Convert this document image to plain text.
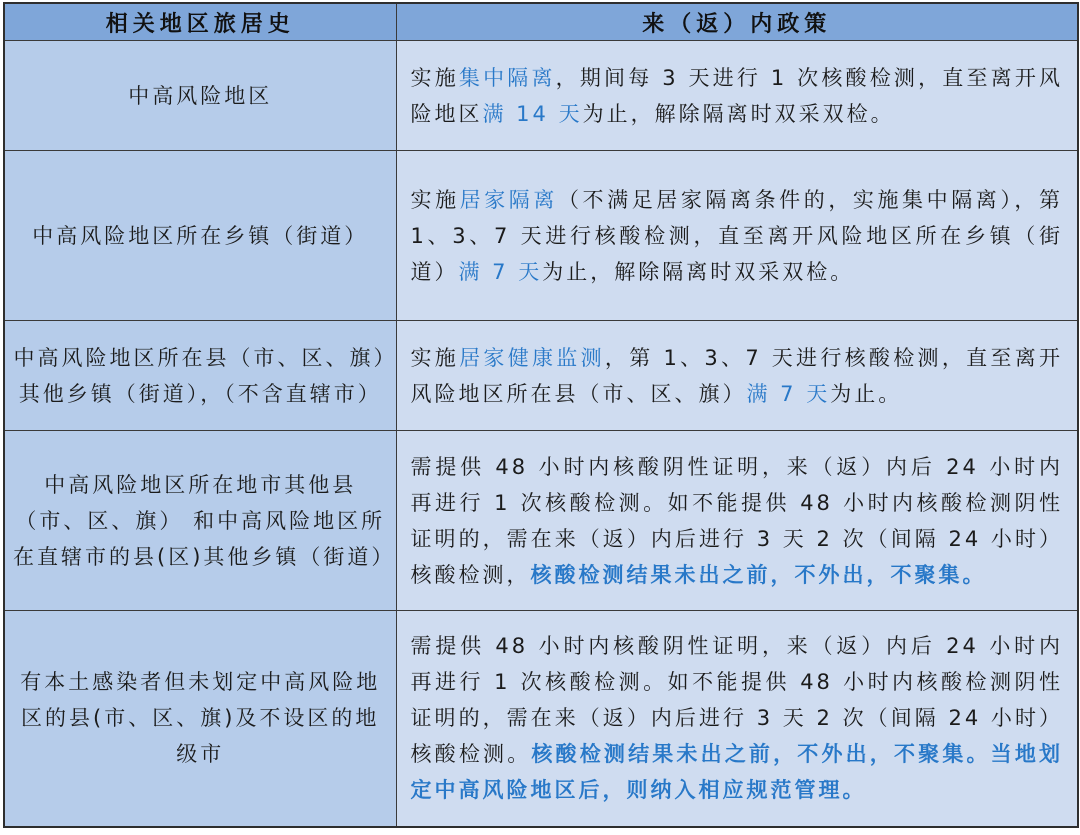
相关地区旅居史	来（返）内政策
中高风险地区	实施集中隔离，期间每 3 天进行 1 次核酸检测，直至离开风险地区满 14 天为止，解除隔离时双采双检。
中高风险地区所在乡镇（街道）	实施居家隔离（不满足居家隔离条件的，实施集中隔离），第 1、3、7 天进行核酸检测，直至离开风险地区所在乡镇（街道）满 7 天为止，解除隔离时双采双检。
中高风险地区所在县（市、区、旗）其他乡镇（街道），（不含直辖市）	实施居家健康监测，第 1、3、7 天进行核酸检测，直至离开风险地区所在县（市、区、旗）满 7 天为止。
中高风险地区所在地市其他县（市、区、旗） 和中高风险地区所在直辖市的县(区)其他乡镇（街道）	需提供 48 小时内核酸阴性证明，来（返）内后 24 小时内再进行 1 次核酸检测。如不能提供 48 小时内核酸检测阴性证明的，需在来（返）内后进行 3 天 2 次（间隔 24 小时）核酸检测，核酸检测结果未出之前，不外出，不聚集。
有本土感染者但未划定中高风险地区的县(市、区、旗)及不设区的地级市	需提供 48 小时内核酸阴性证明，来（返）内后 24 小时内再进行 1 次核酸检测。如不能提供 48 小时内核酸检测阴性证明的，需在来（返）内后进行 3 天 2 次（间隔 24 小时）核酸检测。核酸检测结果未出之前，不外出，不聚集。当地划定中高风险地区后，则纳入相应规范管理。
